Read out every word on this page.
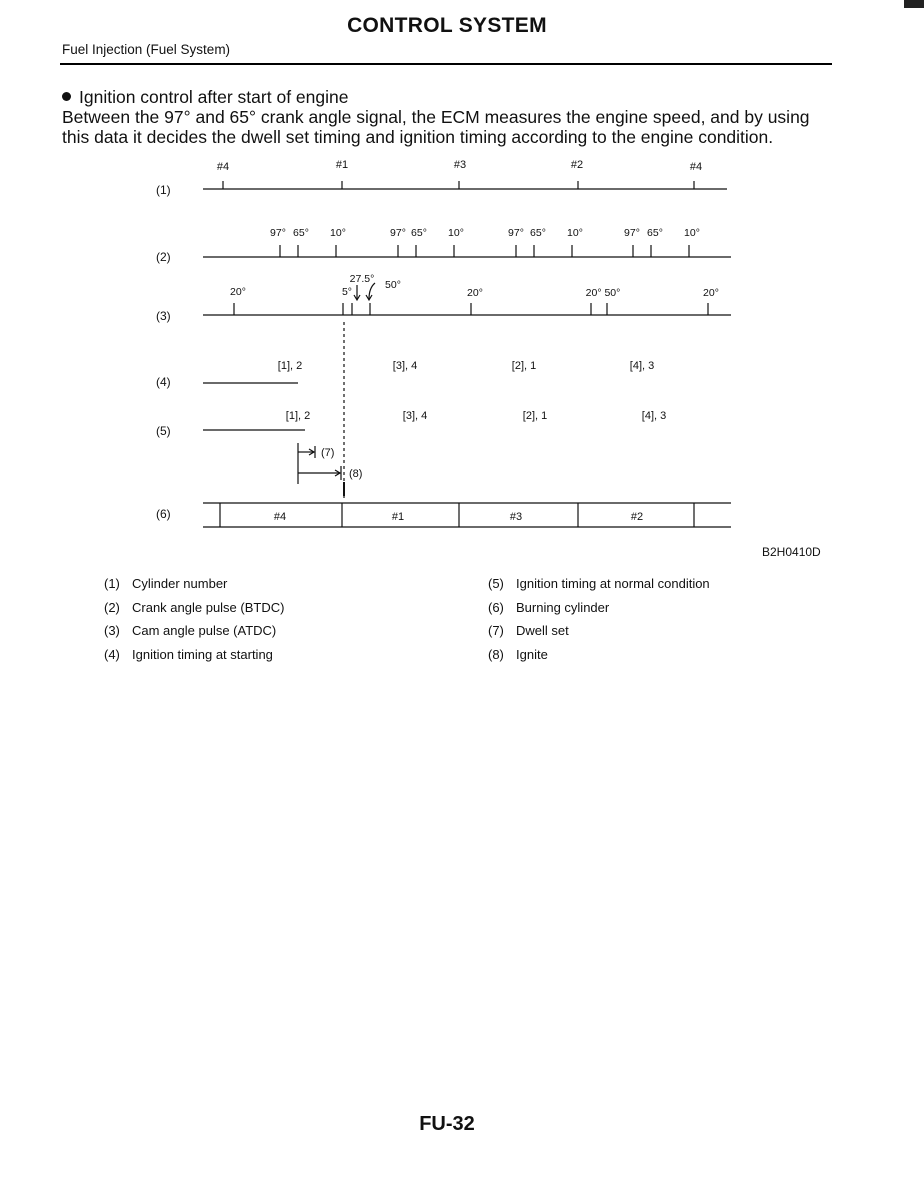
CONTROL SYSTEM
Fuel Injection (Fuel System)
Ignition control after start of engine
Between the 97° and 65° crank angle signal, the ECM measures the engine speed, and by using this data it decides the dwell set timing and ignition timing according to the engine condition.
(1)
(2)
(3)
(4)
(5)
(6)
#4	#1	#3	#2	#4
97° 65° 10°	97° 65° 10°	97° 65° 10°	97° 65° 10°
20°
27.5°
5°
50°
20°	20° 50°	20°
[1], 2	[3], 4	[2], 1	[4], 3
[1], 2	[3], 4	[2], 1	[4], 3
(7)
(8)
#4	#1	#3	#2
B2H0410D
(1) Cylinder number
(2) Crank angle pulse (BTDC)
(3) Cam angle pulse (ATDC)
(4) Ignition timing at starting
(5) Ignition timing at normal condition
(6) Burning cylinder
(7) Dwell set
(8) Ignite
FU-32
